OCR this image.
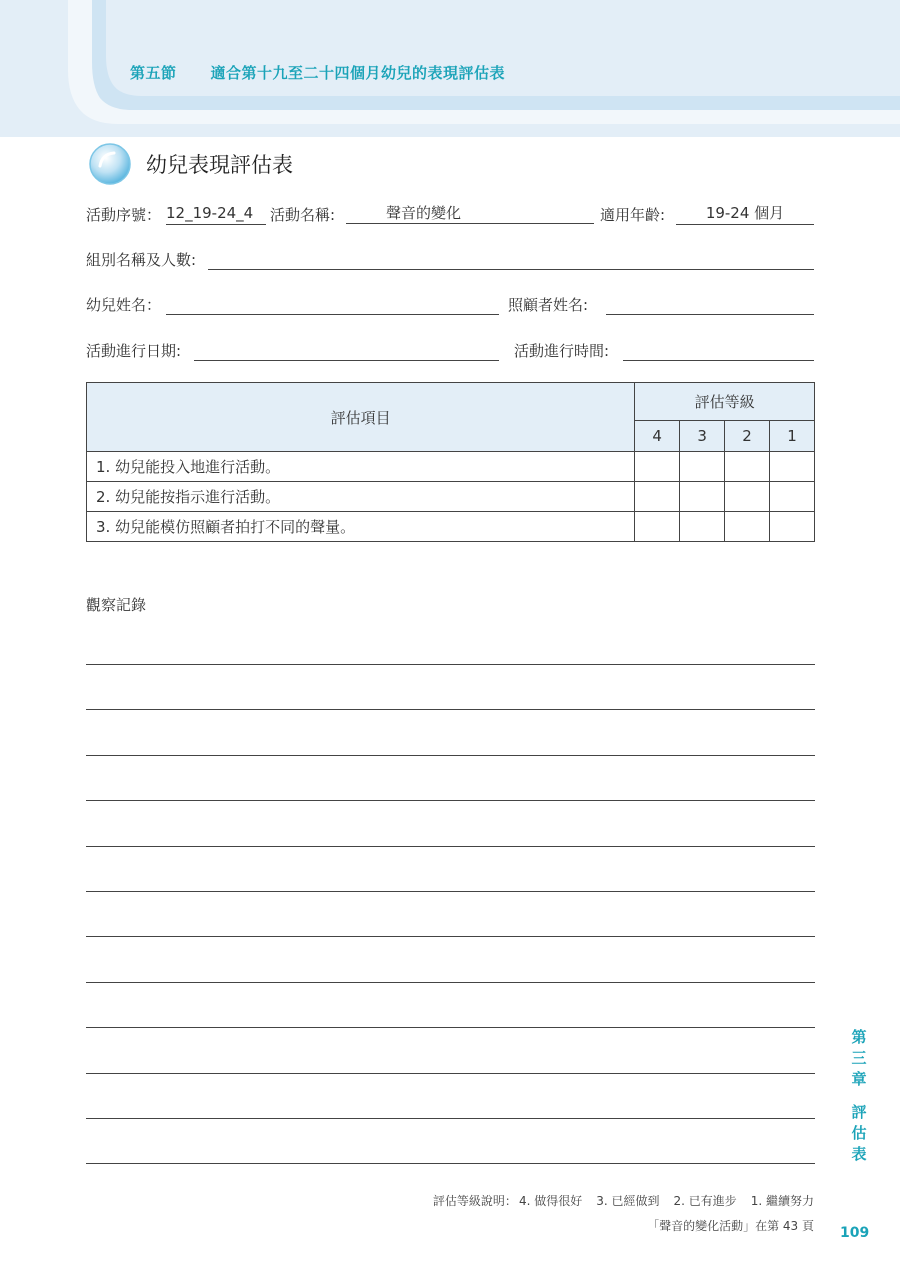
第五節 適合第十九至二十四個月幼兒的表現評估表
幼兒表現評估表
活動序號： 12_19-24_4	活動名稱:	聲音的變化	適用年齡:	19-24 個月
組別名稱及人數:
幼兒姓名：	照顧者姓名:
活動進行日期:	活動進行時間:
評估項目	評估等級			
	4	3	2	1
1. 幼兒能投入地進行活動。				
2. 幼兒能按指示進行活動。				
3. 幼兒能模仿照顧者拍打不同的聲量。				
觀察記錄
第
三
章
評
估
表
評估等級說明： 4. 做得很好 3. 已經做到 2. 已有進步 1. 繼續努力
「聲音的變化活動」在第 43 頁 109
